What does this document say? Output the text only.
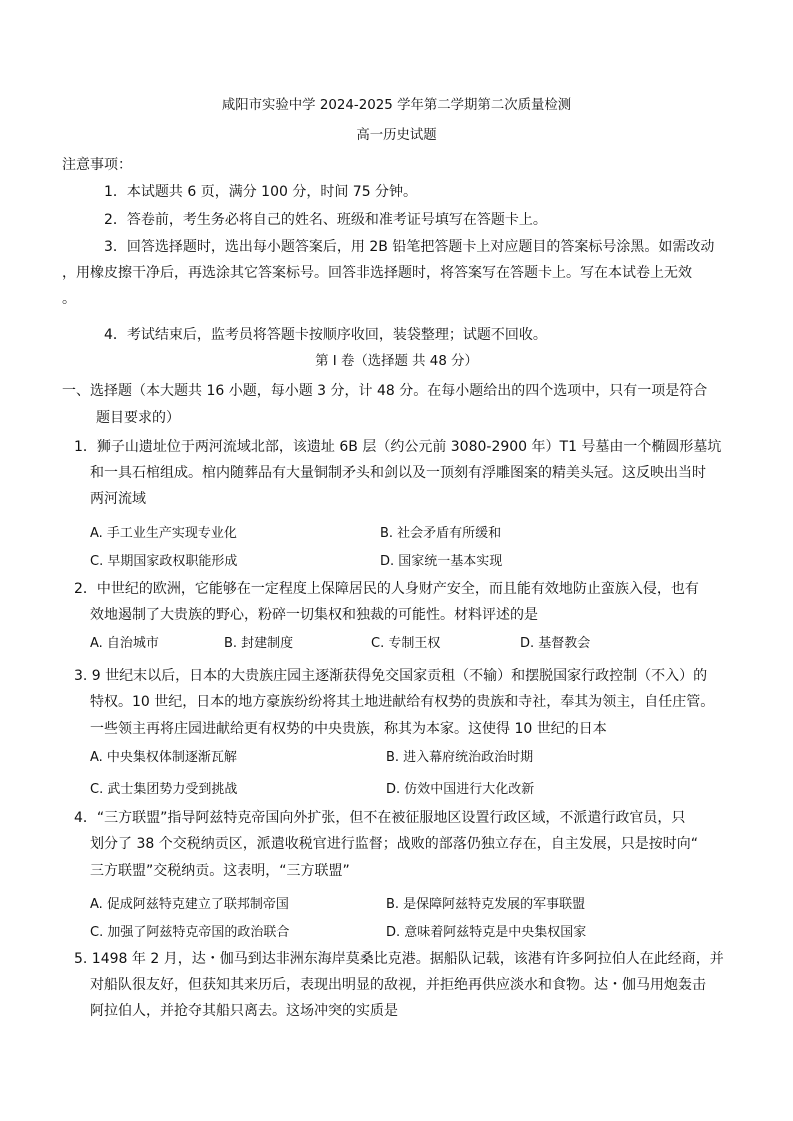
咸阳市实验中学 2024-2025 学年第二学期第二次质量检测
高一历史试题
注意事项：
1．本试题共 6 页，满分 100 分，时间 75 分钟。
2．答卷前，考生务必将自己的姓名、班级和准考证号填写在答题卡上。
3．回答选择题时，选出每小题答案后，用 2B 铅笔把答题卡上对应题目的答案标号涂黑。如需改动
，用橡皮擦干净后，再选涂其它答案标号。回答非选择题时，将答案写在答题卡上。写在本试卷上无效
。
4．考试结束后，监考员将答题卡按顺序收回，装袋整理；试题不回收。
第 I 卷（选择题 共 48 分）
一、选择题（本大题共 16 小题，每小题 3 分，计 48 分。在每小题给出的四个选项中，只有一项是符合
题目要求的）
1．狮子山遗址位于两河流域北部，该遗址 6B 层（约公元前 3080-2900 年）T1 号墓由一个椭圆形墓坑
和一具石棺组成。棺内随葬品有大量铜制矛头和剑以及一顶刻有浮雕图案的精美头冠。这反映出当时
两河流域
A. 手工业生产实现专业化	B. 社会矛盾有所缓和
C. 早期国家政权职能形成	D. 国家统一基本实现
2．中世纪的欧洲，它能够在一定程度上保障居民的人身财产安全，而且能有效地防止蛮族入侵，也有
效地遏制了大贵族的野心，粉碎一切集权和独裁的可能性。材料评述的是
A. 自治城市	B. 封建制度	C. 专制王权	D. 基督教会
3. 9 世纪末以后，日本的大贵族庄园主逐渐获得免交国家贡租（不输）和摆脱国家行政控制（不入）的
特权。10 世纪，日本的地方豪族纷纷将其土地进献给有权势的贵族和寺社，奉其为领主，自任庄管。
一些领主再将庄园进献给更有权势的中央贵族，称其为本家。这使得 10 世纪的日本
A. 中央集权体制逐渐瓦解	B. 进入幕府统治政治时期
C. 武士集团势力受到挑战	D. 仿效中国进行大化改新
4．“三方联盟”指导阿兹特克帝国向外扩张，但不在被征服地区设置行政区域，不派遣行政官员，只
划分了 38 个交税纳贡区，派遣收税官进行监督；战败的部落仍独立存在，自主发展，只是按时向“
三方联盟”交税纳贡。这表明，“三方联盟”
A. 促成阿兹特克建立了联邦制帝国	B. 是保障阿兹特克发展的军事联盟
C. 加强了阿兹特克帝国的政治联合	D. 意味着阿兹特克是中央集权国家
5. 1498 年 2 月，达・伽马到达非洲东海岸莫桑比克港。据船队记载，该港有许多阿拉伯人在此经商，并
对船队很友好，但获知其来历后，表现出明显的敌视，并拒绝再供应淡水和食物。达・伽马用炮轰击
阿拉伯人，并抢夺其船只离去。这场冲突的实质是
